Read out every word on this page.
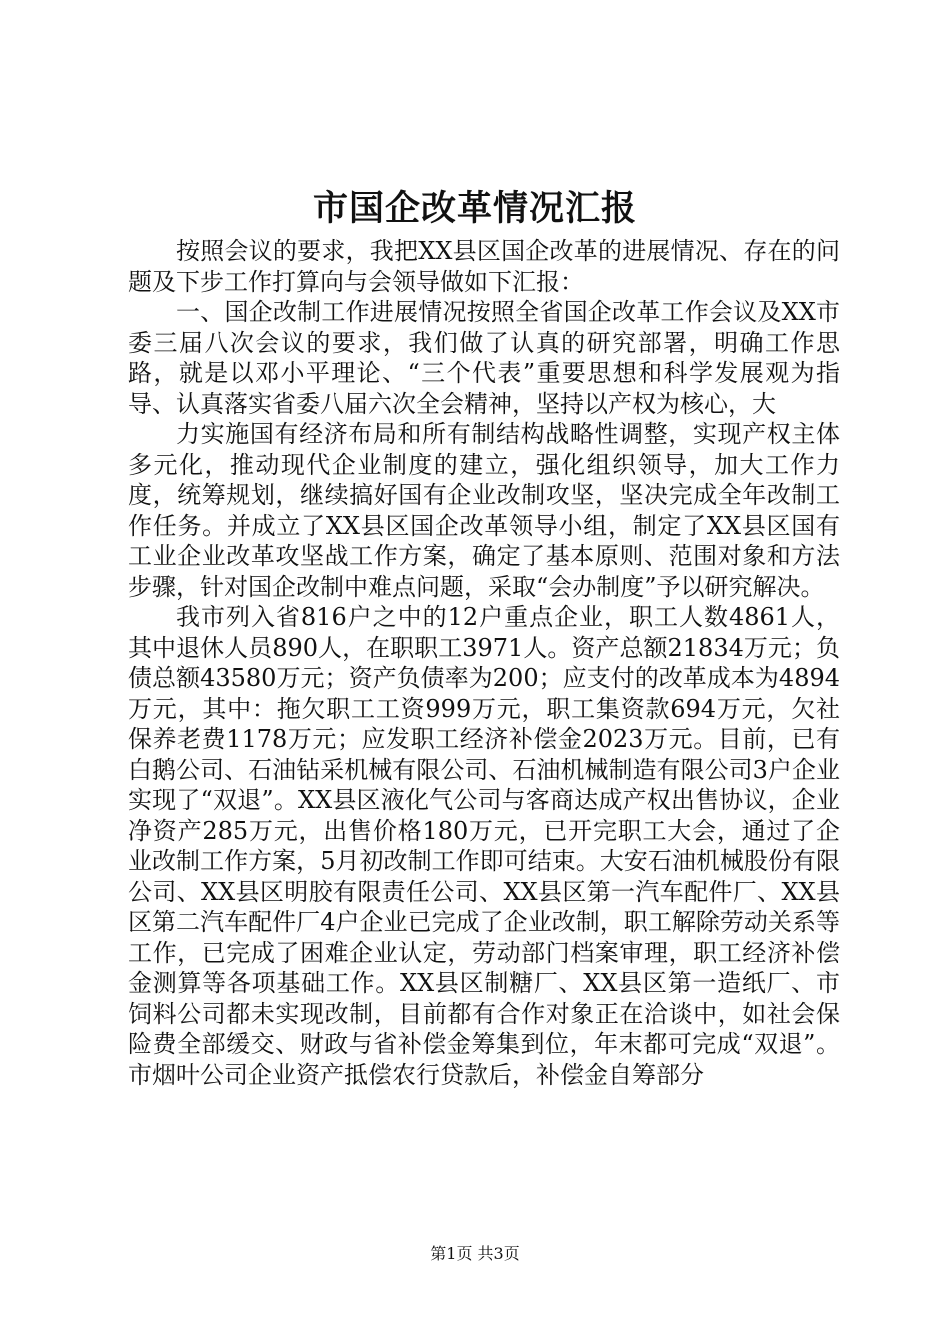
市国企改革情况汇报

按照会议的要求，我把XX县区国企改革的进展情况、存在的问题及下步工作打算向与会领导做如下汇报：

一、国企改制工作进展情况按照全省国企改革工作会议及XX市委三届八次会议的要求，我们做了认真的研究部署，明确工作思路，就是以邓小平理论、“三个代表”重要思想和科学发展观为指导、认真落实省委八届六次全会精神，坚持以产权为核心，大

力实施国有经济布局和所有制结构战略性调整，实现产权主体多元化，推动现代企业制度的建立，强化组织领导，加大工作力度，统筹规划，继续搞好国有企业改制攻坚，坚决完成全年改制工作任务。并成立了XX县区国企改革领导小组，制定了XX县区国有工业企业改革攻坚战工作方案，确定了基本原则、范围对象和方法步骤，针对国企改制中难点问题，采取“会办制度”予以研究解决。

我市列入省816户之中的12户重点企业，职工人数4861人，其中退休人员890人，在职职工3971人。资产总额21834万元；负债总额43580万元；资产负债率为200；应支付的改革成本为4894万元，其中：拖欠职工工资999万元，职工集资款694万元，欠社保养老费1178万元；应发职工经济补偿金2023万元。目前，已有白鹅公司、石油钻采机械有限公司、石油机械制造有限公司3户企业实现了“双退”。XX县区液化气公司与客商达成产权出售协议，企业净资产285万元，出售价格180万元，已开完职工大会，通过了企业改制工作方案，5月初改制工作即可结束。大安石油机械股份有限公司、XX县区明胶有限责任公司、XX县区第一汽车配件厂、XX县区第二汽车配件厂4户企业已完成了企业改制，职工解除劳动关系等工作，已完成了困难企业认定，劳动部门档案审理，职工经济补偿金测算等各项基础工作。XX县区制糖厂、XX县区第一造纸厂、市饲料公司都未实现改制，目前都有合作对象正在洽谈中，如社会保险费全部缓交、财政与省补偿金筹集到位，年末都可完成“双退”。市烟叶公司企业资产抵偿农行贷款后，补偿金自筹部分

第1页 共3页
